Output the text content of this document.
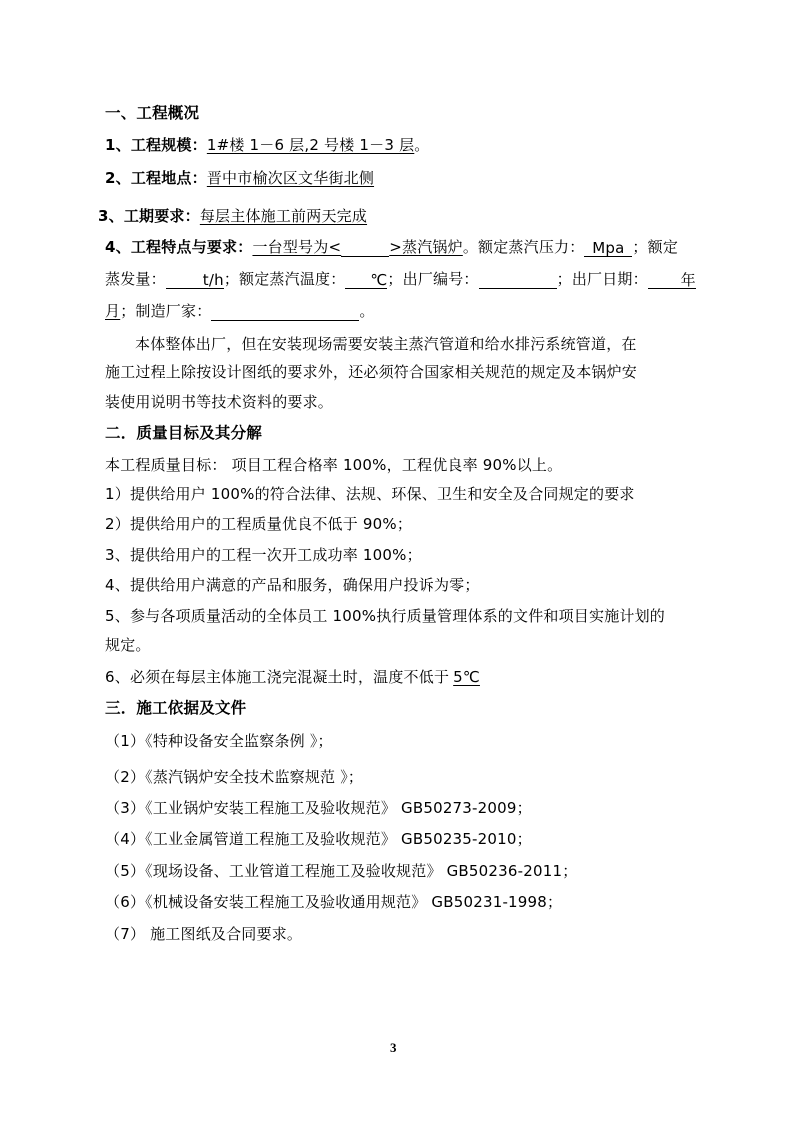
一、工程概况
1、工程规模：1#楼 1－6 层,2 号楼 1－3 层。
2、工程地点：晋中市榆次区文华街北侧
3、工期要求：每层主体施工前两天完成
4、工程特点与要求：一台型号为<	>蒸汽锅炉。额定蒸汽压力： Mpa ；额定
蒸发量： t/h；额定蒸汽温度： ℃；出厂编号：	；出厂日期： 年
月；制造厂家：	。
本体整体出厂，但在安装现场需要安装主蒸汽管道和给水排污系统管道，在
施工过程上除按设计图纸的要求外，还必须符合国家相关规范的规定及本锅炉安
装使用说明书等技术资料的要求。
二．质量目标及其分解
本工程质量目标： 项目工程合格率 100%，工程优良率 90%以上。
1）提供给用户 100%的符合法律、法规、环保、卫生和安全及合同规定的要求
2）提供给用户的工程质量优良不低于 90%；
3、提供给用户的工程一次开工成功率 100%；
4、提供给用户满意的产品和服务，确保用户投诉为零；
5、参与各项质量活动的全体员工 100%执行质量管理体系的文件和项目实施计划的
规定。
6、必须在每层主体施工浇完混凝土时，温度不低于 5℃
三．施工依据及文件
（1）《特种设备安全监察条例 》；
（2）《蒸汽锅炉安全技术监察规范 》；
（3）《工业锅炉安装工程施工及验收规范》 GB50273-2009；
（4）《工业金属管道工程施工及验收规范》 GB50235-2010；
（5）《现场设备、工业管道工程施工及验收规范》 GB50236-2011；
（6）《机械设备安装工程施工及验收通用规范》 GB50231-1998；
（7） 施工图纸及合同要求。
3
